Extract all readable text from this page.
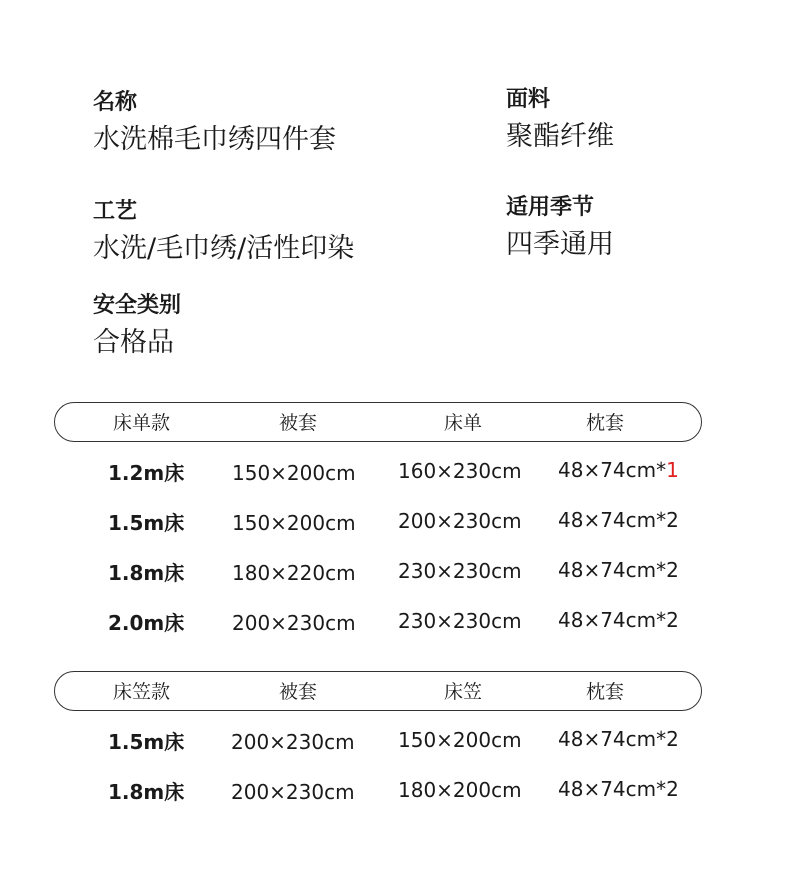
名称
水洗棉毛巾绣四件套
面料
聚酯纤维
工艺
水洗/毛巾绣/活性印染
适用季节
四季通用
安全类别
合格品
床单款	被套	床单	枕套
1.2m床 150×200cm 160×230cm 48×74cm*1
1.5m床 150×200cm 200×230cm 48×74cm*2
1.8m床 180×220cm 230×230cm 48×74cm*2
2.0m床 200×230cm 230×230cm 48×74cm*2
床笠款	被套	床笠	枕套
1.5m床 200×230cm 150×200cm 48×74cm*2
1.8m床 200×230cm 180×200cm 48×74cm*2
